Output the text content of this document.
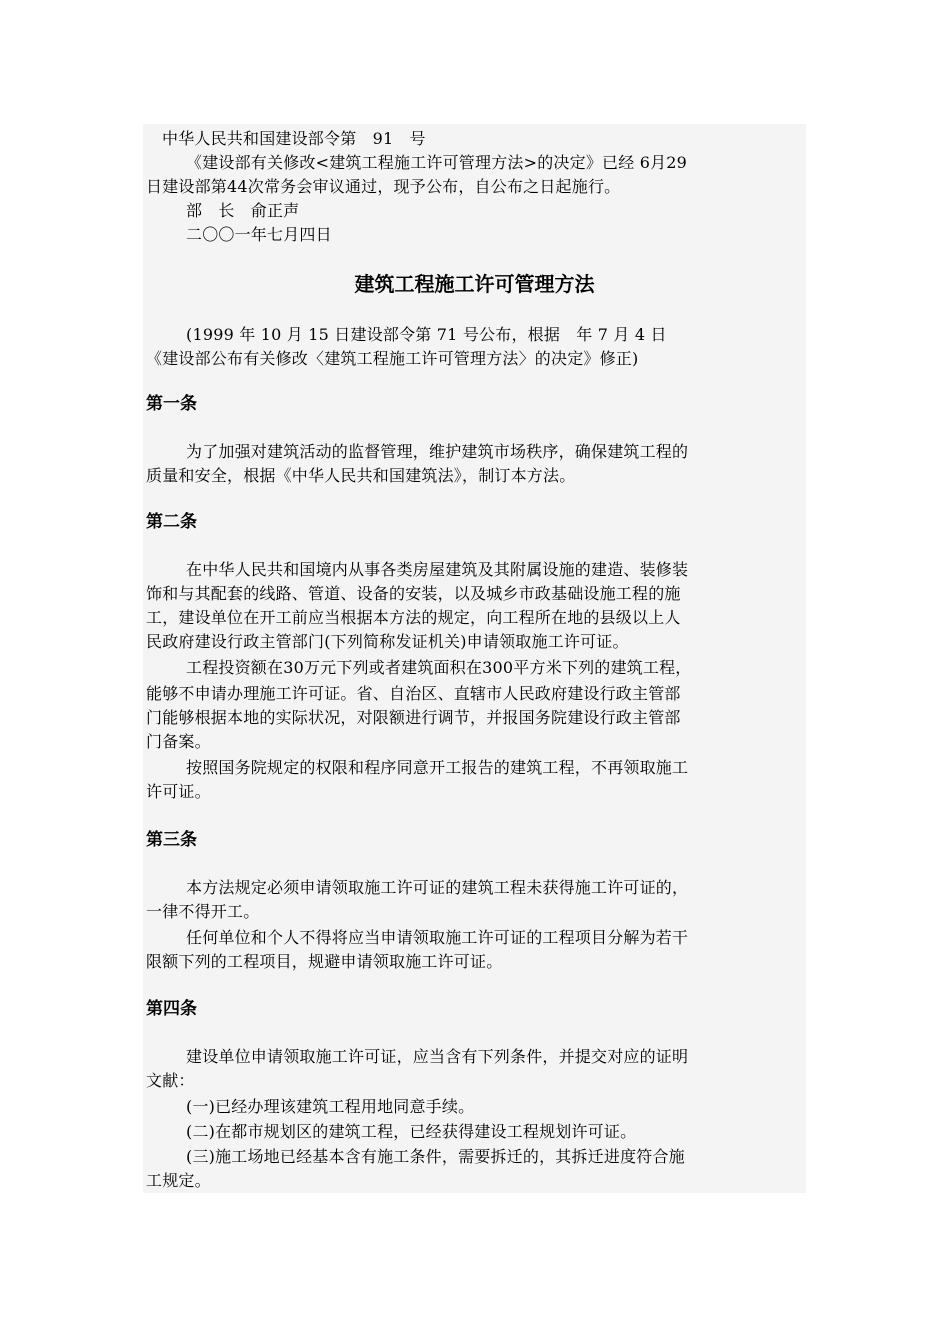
中华人民共和国建设部令第　91　号
《建设部有关修改<建筑工程施工许可管理方法>的决定》已经 6月29
日建设部第44次常务会审议通过，现予公布，自公布之日起施行。
部　长　俞正声
二〇〇一年七月四日
建筑工程施工许可管理方法
(1999 年 10 月 15 日建设部令第 71 号公布，根据　年 7 月 4 日
《建设部公布有关修改〈建筑工程施工许可管理方法〉的决定》修正)
第一条
为了加强对建筑活动的监督管理，维护建筑市场秩序，确保建筑工程的
质量和安全，根据《中华人民共和国建筑法》，制订本方法。
第二条
在中华人民共和国境内从事各类房屋建筑及其附属设施的建造、装修装
饰和与其配套的线路、管道、设备的安装，以及城乡市政基础设施工程的施
工，建设单位在开工前应当根据本方法的规定，向工程所在地的县级以上人
民政府建设行政主管部门(下列简称发证机关)申请领取施工许可证。
工程投资额在30万元下列或者建筑面积在300平方米下列的建筑工程，
能够不申请办理施工许可证。省、自治区、直辖市人民政府建设行政主管部
门能够根据本地的实际状况，对限额进行调节，并报国务院建设行政主管部
门备案。
按照国务院规定的权限和程序同意开工报告的建筑工程，不再领取施工
许可证。
第三条
本方法规定必须申请领取施工许可证的建筑工程未获得施工许可证的，
一律不得开工。
任何单位和个人不得将应当申请领取施工许可证的工程项目分解为若干
限额下列的工程项目，规避申请领取施工许可证。
第四条
建设单位申请领取施工许可证，应当含有下列条件，并提交对应的证明
文献：
(一)已经办理该建筑工程用地同意手续。
(二)在都市规划区的建筑工程，已经获得建设工程规划许可证。
(三)施工场地已经基本含有施工条件，需要拆迁的，其拆迁进度符合施
工规定。
